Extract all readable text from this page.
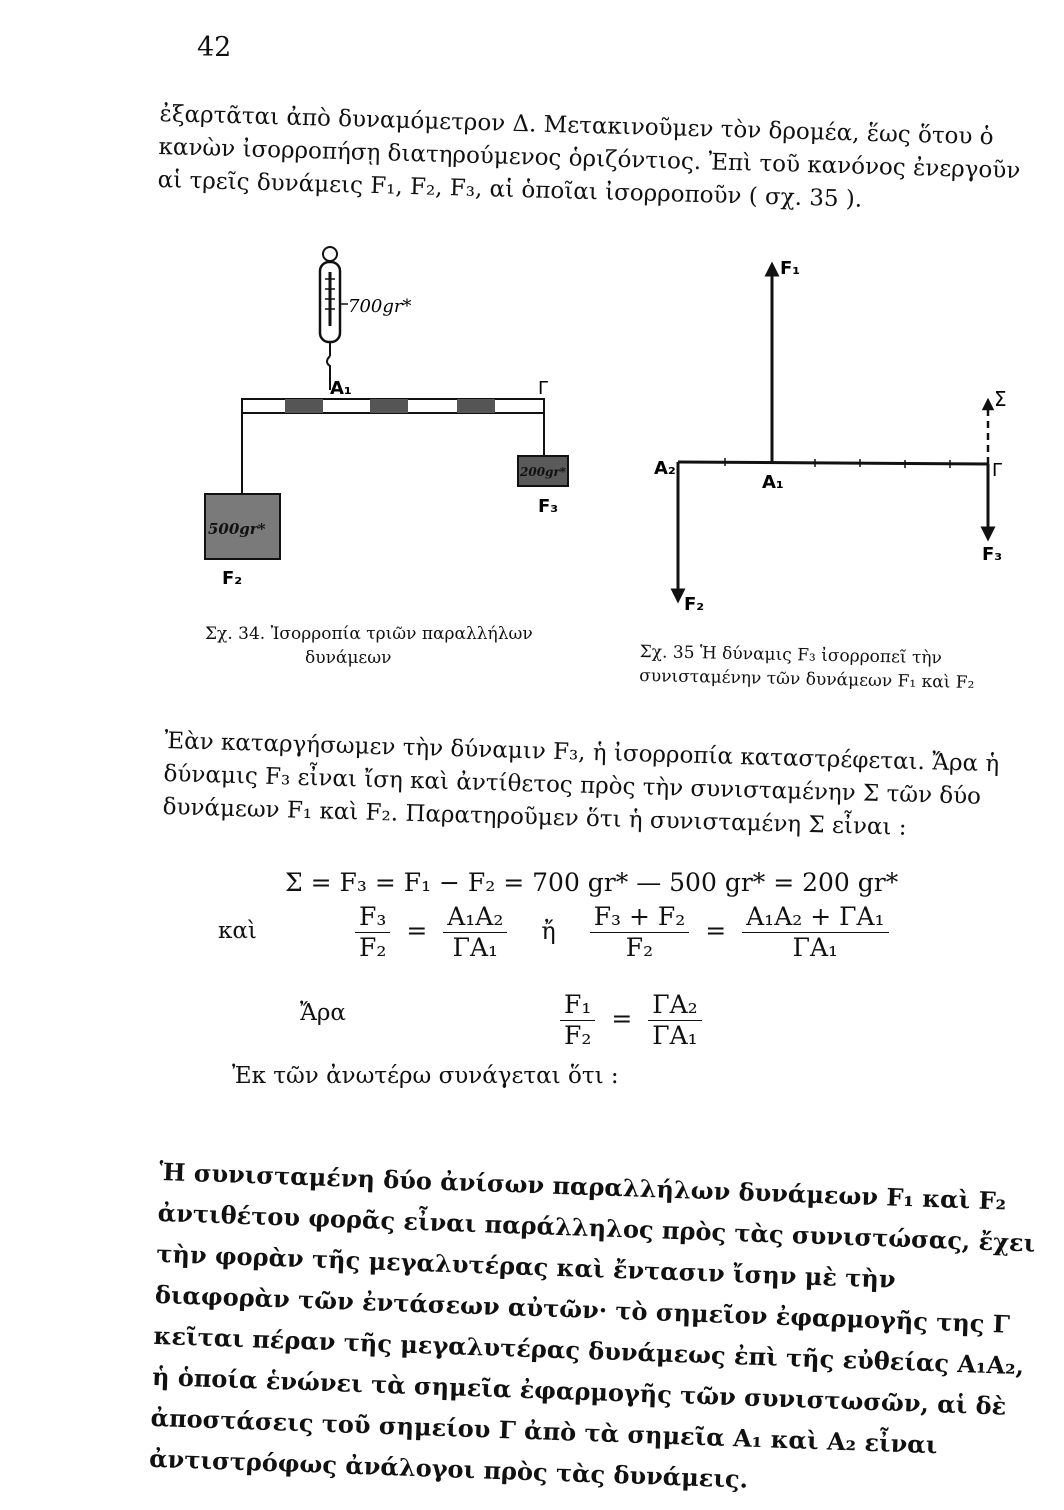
42

ἐξαρτᾶται ἀπὸ δυναμόμετρον Δ. Μετακινοῦμεν τὸν δρομέα, ἕως ὅτου ὁ κανὼν ἰσορροπήσῃ διατηρούμενος ὁριζόντιος. Ἐπὶ τοῦ κανόνος ἐνεργοῦν αἱ τρεῖς δυνάμεις F₁, F₂, F₃, αἱ ὁποῖαι ἰσορροποῦν ( σχ. 35 ).

700gr*
A₁	Γ
500gr*
F₂
200gr*
F₃
F₁
F₂
F₃
Σ
A₂
A₁
Γ
Σχ. 34. Ἰσορροπία τριῶν παραλλήλων
δυνάμεων	Σχ. 35 Ἡ δύναμις F₃ ἰσορροπεῖ τὴν
συνισταμένην τῶν δυνάμεων F₁ καὶ F₂

Ἐὰν καταργήσωμεν τὴν δύναμιν F₃, ἡ ἰσορροπία καταστρέφεται. Ἄρα ἡ δύναμις F₃ εἶναι ἴση καὶ ἀντίθετος πρὸς τὴν συνισταμένην Σ τῶν δύο δυνάμεων F₁ καὶ F₂. Παρατηροῦμεν ὅτι ἡ συνισταμένη Σ εἶναι :

Σ = F₃ = F₁ − F₂ = 700 gr* — 500 gr* = 200 gr*
καὶ	$\frac{\text{F₃}}{\text{F₂}} = \frac{\text{A₁A₂}}{\text{ΓA₁}}$ ἤ $\frac{\text{F₃ + F₂}}{\text{F₂}} = \frac{\text{A₁A₂ + ΓA₁}}{\text{ΓA₁}}$
Ἄρα	$\frac{\text{F₁}}{\text{F₂}} = \frac{\text{ΓA₂}}{\text{ΓA₁}}$
Ἐκ τῶν ἀνωτέρω συνάγεται ὅτι :

Ἡ συνισταμένη δύο ἀνίσων παραλλήλων δυνάμεων F₁ καὶ F₂ ἀντιθέτου φορᾶς εἶναι παράλληλος πρὸς τὰς συνιστώσας, ἔχει τὴν φορὰν τῆς μεγαλυτέρας καὶ ἔντασιν ἴσην μὲ τὴν διαφορὰν τῶν ἐντάσεων αὐτῶν· τὸ σημεῖον ἐφαρμογῆς της Γ κεῖται πέραν τῆς μεγαλυτέρας δυνάμεως ἐπὶ τῆς εὐθείας A₁A₂, ἡ ὁποία ἑνώνει τὰ σημεῖα ἐφαρμογῆς τῶν συνιστωσῶν, αἱ δὲ ἀποστάσεις τοῦ σημείου Γ ἀπὸ τὰ σημεῖα A₁ καὶ A₂ εἶναι ἀντιστρόφως ἀνάλογοι πρὸς τὰς δυνάμεις.
